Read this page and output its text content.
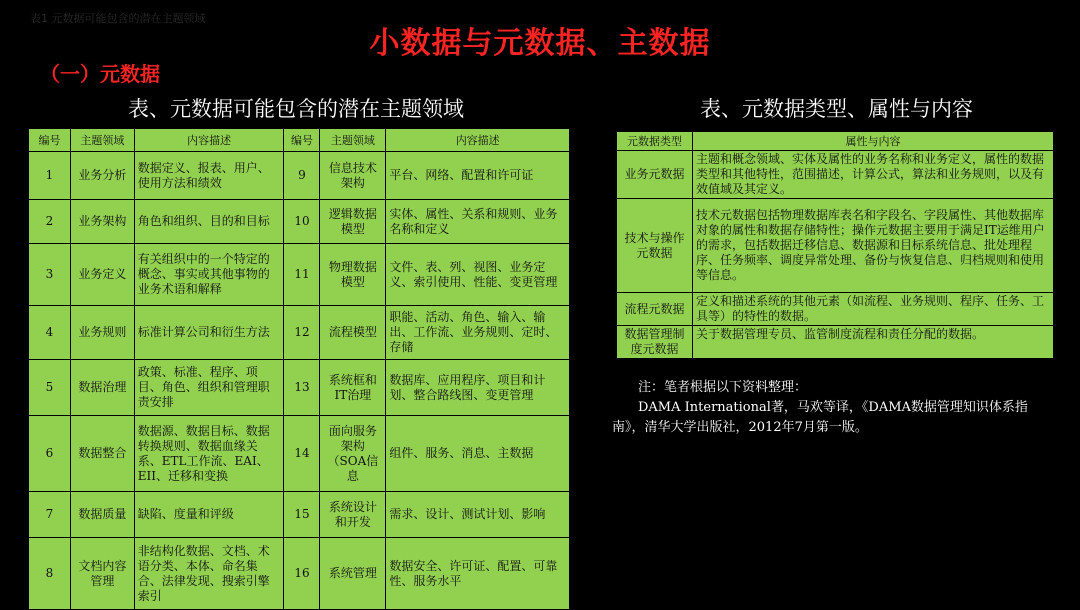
表1 元数据可能包含的潜在主题领域
小数据与元数据、主数据
（一）元数据
表、元数据可能包含的潜在主题领域	表、元数据类型、属性与内容
编号	主题领域	内容描述	编号	主题领域	内容描述
1	业务分析	数据定义、报表、用户、使用方法和绩效	9	信息技术架构	平台、网络、配置和许可证
2	业务架构	角色和组织、目的和目标	10	逻辑数据模型	实体、属性、关系和规则、业务名称和定义
3	业务定义	有关组织中的一个特定的概念、事实或其他事物的业务术语和解释	11	物理数据模型	文件、表、列、视图、业务定义、索引使用、性能、变更管理
4	业务规则	标准计算公司和衍生方法	12	流程模型	职能、活动、角色、输入、输出、工作流、业务规则、定时、存储
5	数据治理	政策、标准、程序、项目、角色、组织和管理职责安排	13	系统框和IT治理	数据库、应用程序、项目和计划、整合路线图、变更管理
6	数据整合	数据源、数据目标、数据转换规则、数据血缘关系、ETL工作流、EAI、EII、迁移和变换	14	面向服务架构（SOA信息	组件、服务、消息、主数据
7	数据质量	缺陷、度量和评级	15	系统设计和开发	需求、设计、测试计划、影响
8	文档内容管理	非结构化数据、文档、术语分类、本体、命名集合、法律发现、搜索引擎索引	16	系统管理	数据安全、许可证、配置、可靠性、服务水平
元数据类型	属性与内容
业务元数据	主题和概念领域、实体及属性的业务名称和业务定义，属性的数据类型和其他特性，范围描述，计算公式，算法和业务规则，以及有效值域及其定义。
技术与操作元数据	技术元数据包括物理数据库表名和字段名、字段属性、其他数据库对象的属性和数据存储特性；操作元数据主要用于满足IT运维用户的需求，包括数据迁移信息、数据源和目标系统信息、批处理程序、任务频率、调度异常处理、备份与恢复信息、归档规则和使用等信息。
流程元数据	定义和描述系统的其他元素（如流程、业务规则、程序、任务、工具等）的特性的数据。
数据管理制度元数据	关于数据管理专员、监管制度流程和责任分配的数据。

注：笔者根据以下资料整理：

DAMA International著，马欢等译，《DAMA数据管理知识体系指南》，清华大学出版社，2012年7月第一版。
